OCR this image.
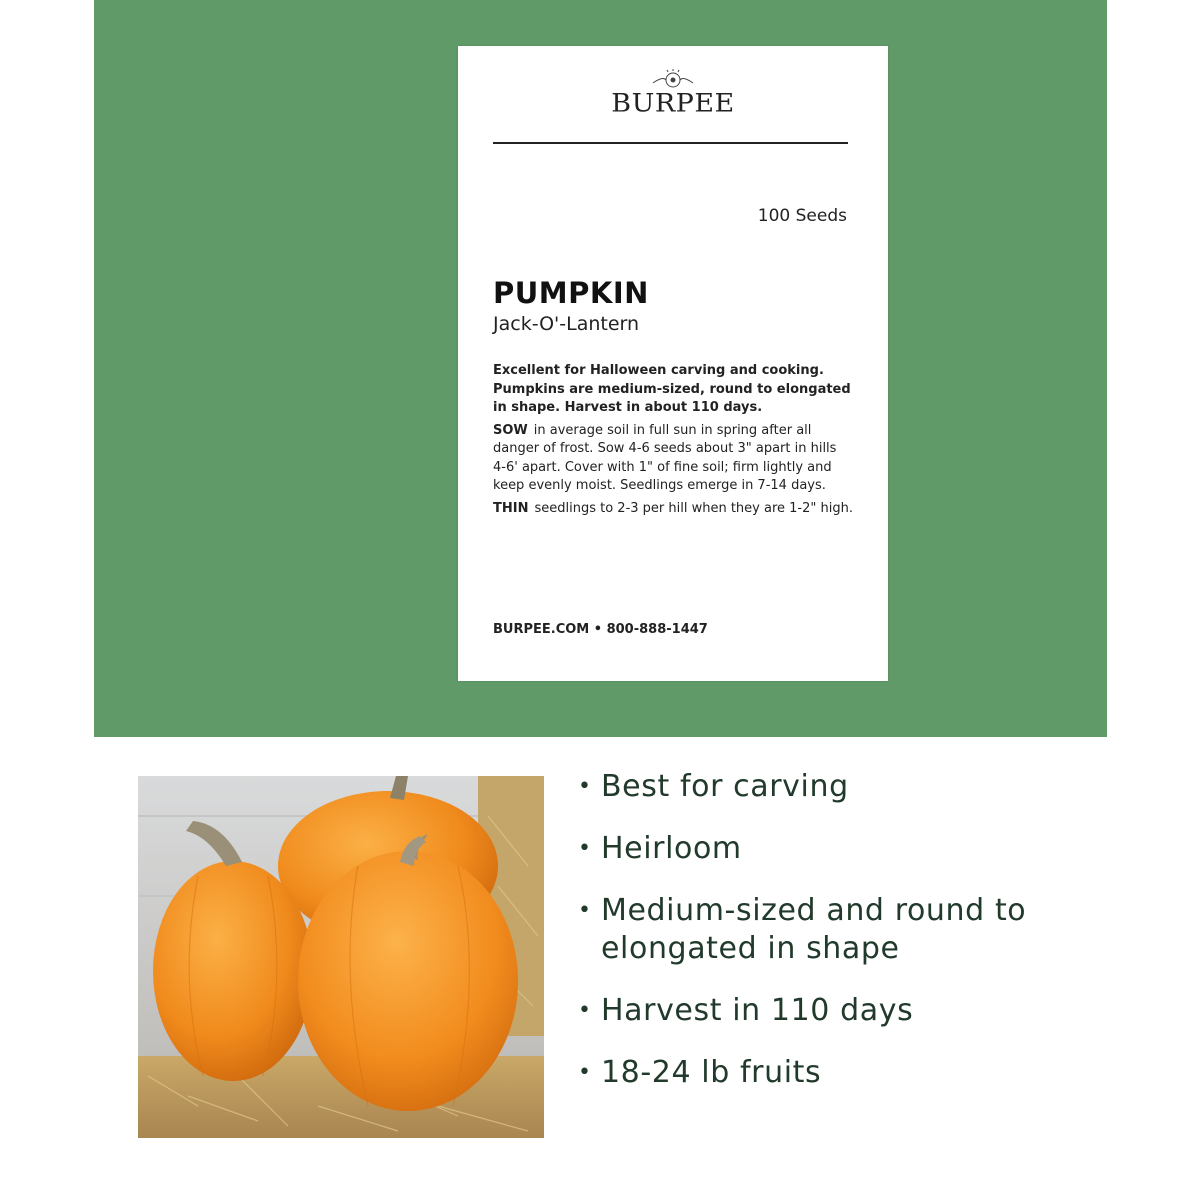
BURPEE
100 Seeds
PUMPKIN
Jack-O'-Lantern

Excellent for Halloween carving and cooking. Pumpkins are medium-sized, round to elongated in shape. Harvest in about 110 days.

SOW in average soil in full sun in spring after all danger of frost. Sow 4-6 seeds about 3" apart in hills 4-6' apart. Cover with 1" of fine soil; firm lightly and keep evenly moist. Seedlings emerge in 7-14 days.

THIN seedlings to 2-3 per hill when they are 1-2" high.

BURPEE.COM • 800-888-1447
• Best for carving
• Heirloom
• Medium-sized and round to elongated in shape
• Harvest in 110 days
• 18-24 lb fruits
